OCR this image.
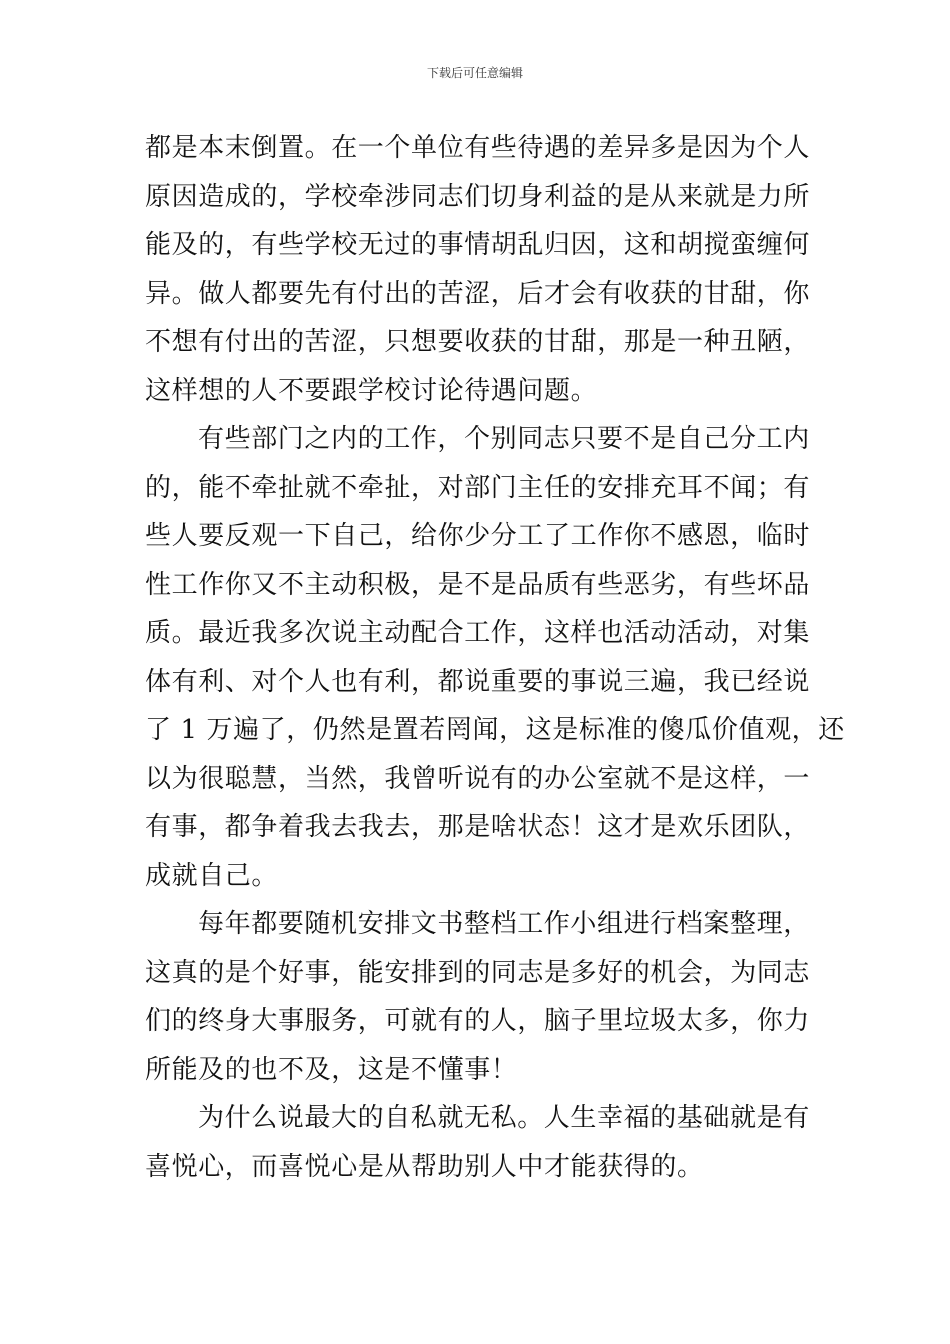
下载后可任意编辑
都是本末倒置。在一个单位有些待遇的差异多是因为个人
原因造成的，学校牵涉同志们切身利益的是从来就是力所
能及的，有些学校无过的事情胡乱归因，这和胡搅蛮缠何
异。做人都要先有付出的苦涩，后才会有收获的甘甜，你
不想有付出的苦涩，只想要收获的甘甜，那是一种丑陋，
这样想的人不要跟学校讨论待遇问题。
有些部门之内的工作，个别同志只要不是自己分工内
的，能不牵扯就不牵扯，对部门主任的安排充耳不闻；有
些人要反观一下自己，给你少分工了工作你不感恩，临时
性工作你又不主动积极，是不是品质有些恶劣，有些坏品
质。最近我多次说主动配合工作，这样也活动活动，对集
体有利、对个人也有利，都说重要的事说三遍，我已经说
了 1 万遍了，仍然是置若罔闻，这是标准的傻瓜价值观，还
以为很聪慧，当然，我曾听说有的办公室就不是这样，一
有事，都争着我去我去，那是啥状态！这才是欢乐团队，
成就自己。
每年都要随机安排文书整档工作小组进行档案整理，
这真的是个好事，能安排到的同志是多好的机会，为同志
们的终身大事服务，可就有的人，脑子里垃圾太多，你力
所能及的也不及，这是不懂事！
为什么说最大的自私就无私。人生幸福的基础就是有
喜悦心，而喜悦心是从帮助别人中才能获得的。
